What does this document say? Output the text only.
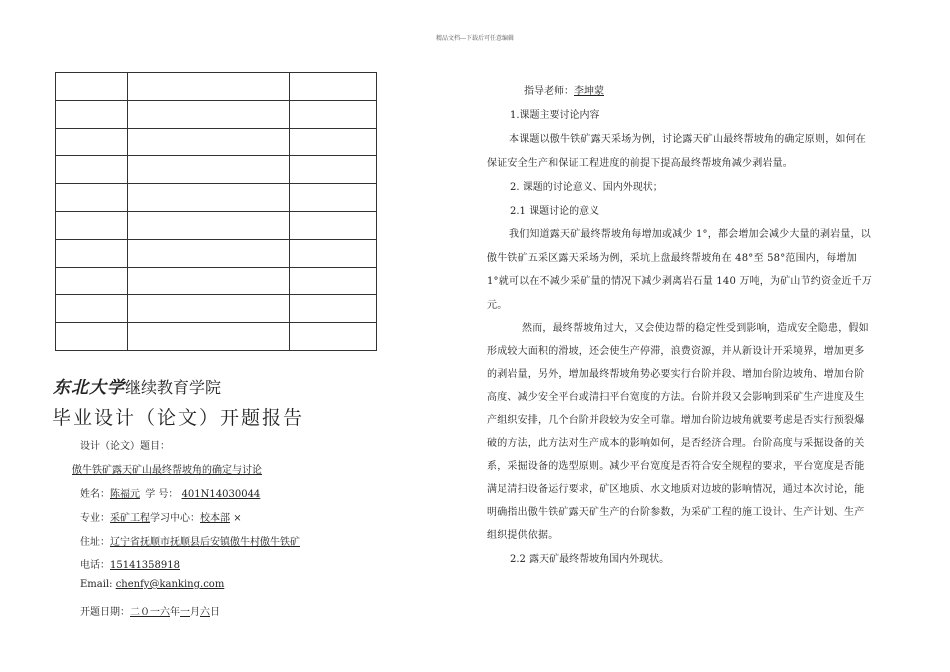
精品文档---下载后可任意编辑

东北大学继续教育学院
毕业设计（论文）开题报告
设计（论文）题目：
傲牛铁矿露天矿山最终帮坡角的确定与讨论
姓名：陈福元 学 号： 401N14030044
专业：采矿工程学习中心：校本部 ×
住址：辽宁省抚顺市抚顺县后安镇傲牛村傲牛铁矿
电话：15141358918
Email: chenfy@kanking.com
开题日期：二０一六年一月六日
指导老师：李坤蒙
1.课题主要讨论内容
本课题以傲牛铁矿露天采场为例，讨论露天矿山最终帮坡角的确定原则，如何在
保证安全生产和保证工程进度的前提下提高最终帮坡角减少剥岩量。
2. 课题的讨论意义、国内外现状；
2.1 课题讨论的意义
我们知道露天矿最终帮坡角每增加或减少 1°，都会增加会减少大量的剥岩量，以
傲牛铁矿五采区露天采场为例，采坑上盘最终帮坡角在 48°至 58°范围内，每增加
1°就可以在不减少采矿量的情况下减少剥离岩石量 140 万吨，为矿山节约资金近千万
元。
然而，最终帮坡角过大，又会使边帮的稳定性受到影响，造成安全隐患，假如
形成较大面积的滑坡，还会使生产停滞，浪费资源，并从新设计开采境界，增加更多
的剥岩量，另外，增加最终帮坡角势必要实行台阶并段、增加台阶边坡角、增加台阶
高度、减少安全平台或清扫平台宽度的方法。台阶并段又会影响到采矿生产进度及生
产组织安排，几个台阶并段较为安全可靠。增加台阶边坡角就要考虑是否实行预裂爆
破的方法，此方法对生产成本的影响如何，是否经济合理。台阶高度与采掘设备的关
系，采掘设备的选型原则。减少平台宽度是否符合安全规程的要求，平台宽度是否能
满足清扫设备运行要求，矿区地质、水文地质对边坡的影响情况，通过本次讨论，能
明确指出傲牛铁矿露天矿生产的台阶参数，为采矿工程的施工设计、生产计划、生产
组织提供依据。
2.2 露天矿最终帮坡角国内外现状。
